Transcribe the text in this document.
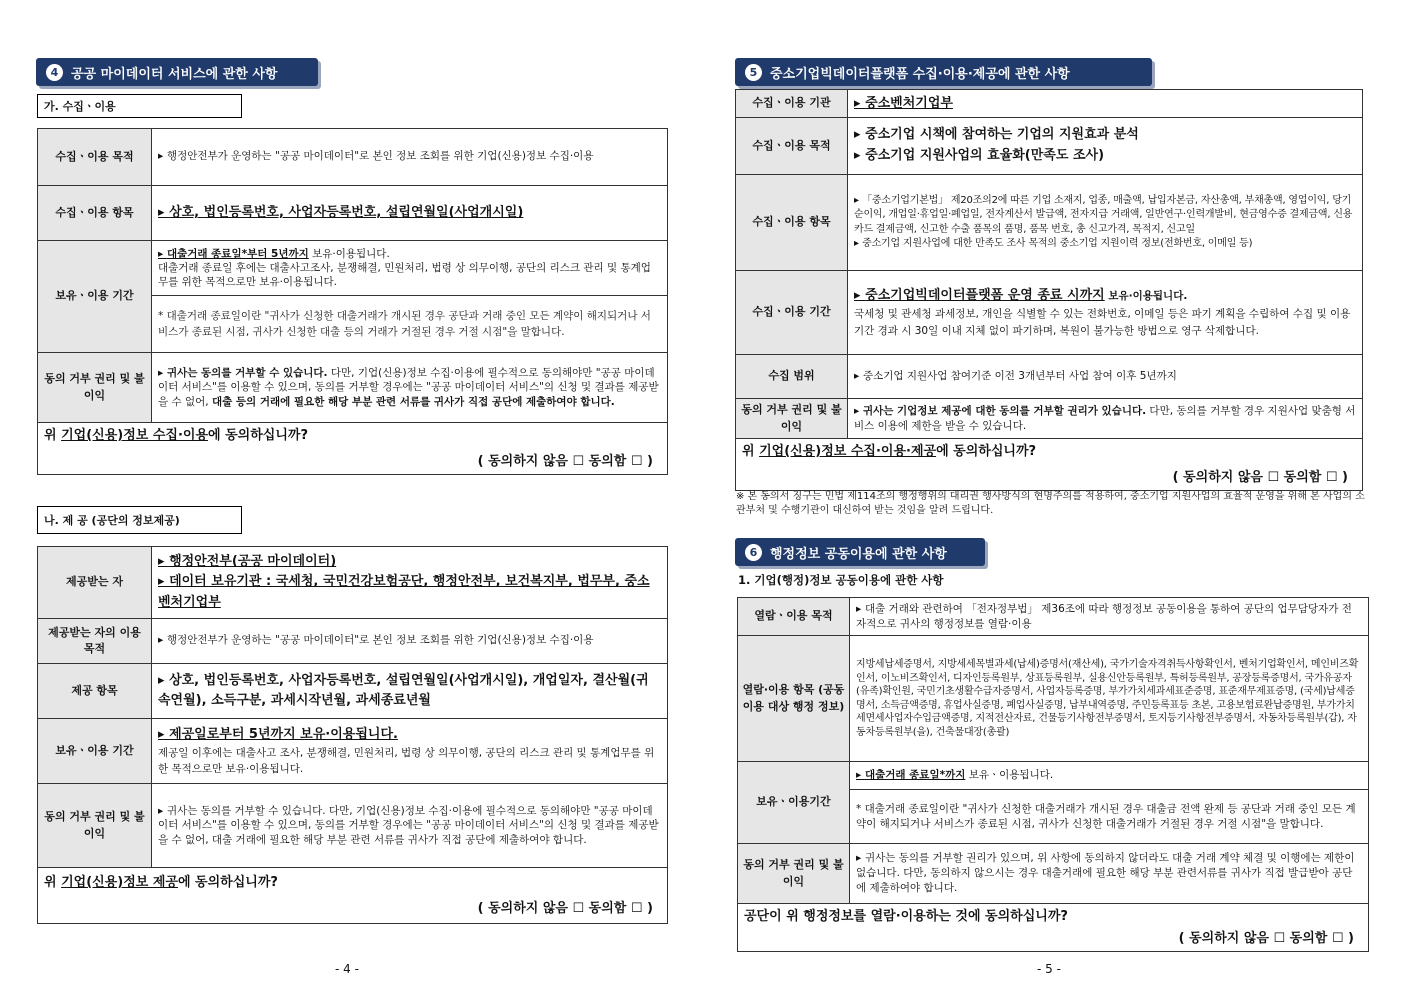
4 공공 마이데이터 서비스에 관한 사항
가. 수집ㆍ이용
수집ㆍ이용 목적	▸ 행정안전부가 운영하는 "공공 마이데이터"로 본인 정보 조회를 위한 기업(신용)정보 수집·이용
수집ㆍ이용 항목	▸ 상호, 법인등록번호, 사업자등록번호, 설립연월일(사업개시일)
보유ㆍ이용 기간	▸ 대출거래 종료일*부터 5년까지 보유·이용됩니다.
대출거래 종료일 후에는 대출사고조사, 분쟁해결, 민원처리, 법령 상 의무이행, 공단의 리스크 관리 및 통계업무를 위한 목적으로만 보유·이용됩니다.
	* 대출거래 종료일이란 "귀사가 신청한 대출거래가 개시된 경우 공단과 거래 중인 모든 계약이 해지되거나 서비스가 종료된 시점, 귀사가 신청한 대출 등의 거래가 거절된 경우 거절 시점"을 말합니다.
동의 거부 권리 및 불이익	▸ 귀사는 동의를 거부할 수 있습니다. 다만, 기업(신용)정보 수집·이용에 필수적으로 동의해야만 "공공 마이데이터 서비스"를 이용할 수 있으며, 동의를 거부할 경우에는 "공공 마이데이터 서비스"의 신청 및 결과를 제공받을 수 없어, 대출 등의 거래에 필요한 해당 부분 관련 서류를 귀사가 직접 공단에 제출하여야 합니다.

위 기업(신용)정보 수집·이용에 동의하십니까?
( 동의하지 않음 ☐ 동의함 ☐ )	
나. 제 공 (공단의 정보제공)
제공받는 자	▸ 행정안전부(공공 마이데이터)
▸ 데이터 보유기관 : 국세청, 국민건강보험공단, 행정안전부, 보건복지부, 법무부, 중소벤처기업부

제공받는 자의 이용 목적	▸ 행정안전부가 운영하는 "공공 마이데이터"로 본인 정보 조회를 위한 기업(신용)정보 수집·이용
제공 항목	▸ 상호, 법인등록번호, 사업자등록번호, 설립연월일(사업개시일), 개업일자, 결산월(귀속연월), 소득구분, 과세시작년월, 과세종료년월
보유ㆍ이용 기간	▸ 제공일로부터 5년까지 보유·이용됩니다.
제공일 이후에는 대출사고 조사, 분쟁해결, 민원처리, 법령 상 의무이행, 공단의 리스크 관리 및 통계업무를 위한 목적으로만 보유·이용됩니다.

동의 거부 권리 및 불이익	▸ 귀사는 동의를 거부할 수 있습니다. 다만, 기업(신용)정보 수집·이용에 필수적으로 동의해야만 "공공 마이데이터 서비스"를 이용할 수 있으며, 동의를 거부할 경우에는 "공공 마이데이터 서비스"의 신청 및 결과를 제공받을 수 없어, 대출 거래에 필요한 해당 부분 관련 서류를 귀사가 직접 공단에 제출하여야 합니다.

위 기업(신용)정보 제공에 동의하십니까?
( 동의하지 않음 ☐ 동의함 ☐ )	
- 4 -
5 중소기업빅데이터플랫폼 수집·이용·제공에 관한 사항
수집ㆍ이용 기관	▸ 중소벤처기업부
수집ㆍ이용 목적	▸ 중소기업 시책에 참여하는 기업의 지원효과 분석
▸ 중소기업 지원사업의 효율화(만족도 조사)

수집ㆍ이용 항목	▸ 「중소기업기본법」 제20조의2에 따른 기업 소재지, 업종, 매출액, 납입자본금, 자산총액, 부채총액, 영업이익, 당기순이익, 개업일·휴업일·폐업일, 전자계산서 발급액, 전자지급 거래액, 일반연구·인력개발비, 현금영수증 결제금액, 신용카드 결제금액, 신고한 수출 품목의 품명, 품목 번호, 총 신고가격, 목적지, 신고일
▸ 중소기업 지원사업에 대한 만족도 조사 목적의 중소기업 지원이력 정보(전화번호, 이메일 등)

수집ㆍ이용 기간	▸ 중소기업빅데이터플랫폼 운영 종료 시까지 보유·이용됩니다.
국세청 및 관세청 과세정보, 개인을 식별할 수 있는 전화번호, 이메일 등은 파기 계획을 수립하여 수집 및 이용기간 경과 시 30일 이내 지체 없이 파기하며, 복원이 불가능한 방법으로 영구 삭제합니다.

수집 범위	▸ 중소기업 지원사업 참여기준 이전 3개년부터 사업 참여 이후 5년까지
동의 거부 권리 및 불이익	▸ 귀사는 기업정보 제공에 대한 동의를 거부할 권리가 있습니다. 다만, 동의를 거부할 경우 지원사업 맞춤형 서비스 이용에 제한을 받을 수 있습니다.

위 기업(신용)정보 수집·이용·제공에 동의하십니까?
( 동의하지 않음 ☐ 동의함 ☐ )	
※ 본 동의서 징구는 민법 제114조의 행정행위의 대리권 행사방식의 현명주의를 적용하여, 중소기업 지원사업의 효율적 운영을 위해 본 사업의 소관부처 및 수행기관이 대신하여 받는 것임을 알려 드립니다.
6 행정정보 공동이용에 관한 사항
1. 기업(행정)정보 공동이용에 관한 사항
열람ㆍ이용 목적	▸ 대출 거래와 관련하여 「전자정부법」 제36조에 따라 행정정보 공동이용을 통하여 공단의 업무담당자가 전자적으로 귀사의 행정정보를 열람·이용
열람·이용 항목 (공동이용 대상 행정 정보)	지방세납세증명서, 지방세세목별과세(납세)증명서(재산세), 국가기술자격취득사항확인서, 벤처기업확인서, 메인비즈확인서, 이노비즈확인서, 디자인등록원부, 상표등록원부, 실용신안등록원부, 특허등록원부, 공장등록증명서, 국가유공자(유족)확인원, 국민기초생활수급자증명서, 사업자등록증명, 부가가치세과세표준증명, 표준재무제표증명, (국세)납세증명서, 소득금액증명, 휴업사실증명, 폐업사실증명, 납부내역증명, 주민등록표등 초본, 고용보험료완납증명원, 부가가치세면세사업자수입금액증명, 지적전산자료, 건물등기사항전부증명서, 토지등기사항전부증명서, 자동차등록원부(갑), 자동차등록원부(을), 건축물대장(총괄)
보유ㆍ이용기간	▸ 대출거래 종료일*까지 보유ㆍ이용됩니다.
	* 대출거래 종료일이란 "귀사가 신청한 대출거래가 개시된 경우 대출금 전액 완제 등 공단과 거래 중인 모든 계약이 해지되거나 서비스가 종료된 시점, 귀사가 신청한 대출거래가 거절된 경우 거절 시점"을 말합니다.
동의 거부 권리 및 불이익	▸ 귀사는 동의를 거부할 권리가 있으며, 위 사항에 동의하지 않더라도 대출 거래 계약 체결 및 이행에는 제한이 없습니다. 다만, 동의하지 않으시는 경우 대출거래에 필요한 해당 부분 관련서류를 귀사가 직접 발급받아 공단에 제출하여야 합니다.

공단이 위 행정정보를 열람·이용하는 것에 동의하십니까?
( 동의하지 않음 ☐ 동의함 ☐ )	
- 5 -
